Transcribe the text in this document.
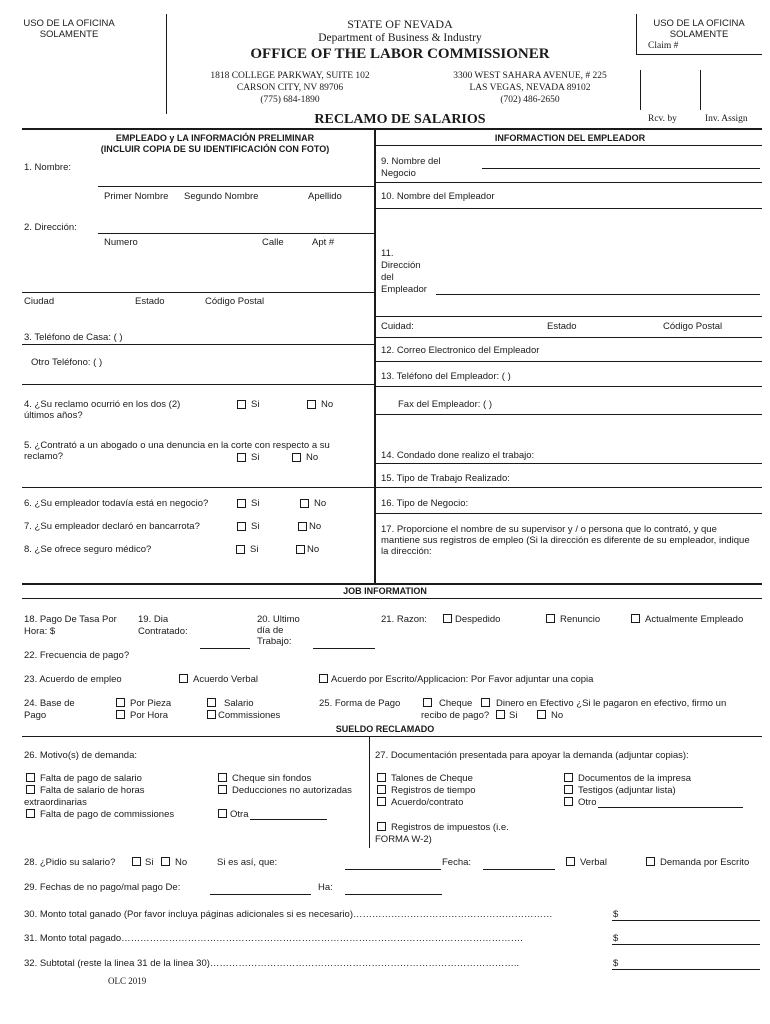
USO DE LA OFICINA
SOLAMENTE
STATE OF NEVADA
Department of Business & Industry
OFFICE OF THE LABOR COMMISSIONER
1818 COLLEGE PARKWAY, SUITE 102
CARSON CITY, NV 89706
(775) 684-1890
3300 WEST SAHARA AVENUE, # 225
LAS VEGAS, NEVADA 89102
(702) 486-2650
USO DE LA OFICINA
SOLAMENTE
Claim #
RECLAMO DE SALARIOS	Rcv. by	Inv. Assign
EMPLEADO y LA INFORMACIÓN PRELIMINAR
(INCLUIR COPIA DE SU IDENTIFICACIÓN CON FOTO)
1. Nombre:
Primer Nombre Segundo Nombre	Apellido
2. Dirección:
Numero	Calle	Apt #
Ciudad	Estado	Código Postal
3. Teléfono de Casa: ( )
Otro Teléfono: ( )
4. ¿Su reclamo ocurrió en los dos (2)
últimos años?
Si	No
5. ¿Contrató a un abogado o una denuncia en la corte con respecto a su
reclamo?	Si	No
6. ¿Su empleador todavía está en negocio?	Si	No
7. ¿Su empleador declaró en bancarrota?	Si	No
8. ¿Se ofrece seguro médico?	Si	No
INFORMACTION DEL EMPLEADOR
9. Nombre del
Negocio
10. Nombre del Empleador
11.
Dirección
del
Empleador
Cuidad:	Estado	Código Postal
12. Correo Electronico del Empleador
13. Teléfono del Empleador: ( )
Fax del Empleador: ( )
14. Condado done realizo el trabajo:
15. Tipo de Trabajo Realizado:
16. Tipo de Negocio:
17. Proporcione el nombre de su supervisor y / o persona que lo contrató, y que mantiene sus registros de empleo (Si la dirección es diferente de su empleador, indique la dirección:
JOB INFORMATION
18. Pago De Tasa Por
Hora: $
19. Dia
Contratado:
20. Ultimo
día de
Trabajo:
21. Razon:	Despedido	Renuncio	Actualmente Empleado
22. Frecuencia de pago?
23. Acuerdo de empleo	Acuerdo Verbal	Acuerdo por Escrito/Applicacion: Por Favor adjuntar una copia
24. Base de
Pago
Por Pieza
Por Hora
Salario
Commissiones
25. Forma de Pago	Cheque Dinero en Efectivo ¿Si le pagaron en efectivo, firmo un
recibo de pago? Si	No
SUELDO RECLAMADO
26. Motivo(s) de demanda:
Falta de pago de salario
Falta de salario de horas
extraordinarias
Falta de pago de commissiones
Cheque sin fondos
Deducciones no autorizadas
Otra
27. Documentación presentada para apoyar la demanda (adjuntar copias):
Talones de Cheque
Registros de tiempo
Acuerdo/contrato
Registros de impuestos (i.e.
FORMA W-2)
Documentos de la impresa
Testigos (adjuntar lista)
Otro
28. ¿Pidio su salario?	Si No	Si es así, que:	Fecha:	Verbal	Demanda por Escrito
29. Fechas de no pago/mal pago De:	Ha:
30. Monto total ganado (Por favor incluya páginas adicionales si es necesario)………………………………………………………	$
31. Monto total pagado……………………………………………………………………………………………………………….	$
32. Subtotal (reste la linea 31 de la linea 30)……………………………………………………………………………………..	$
OLC 2019
